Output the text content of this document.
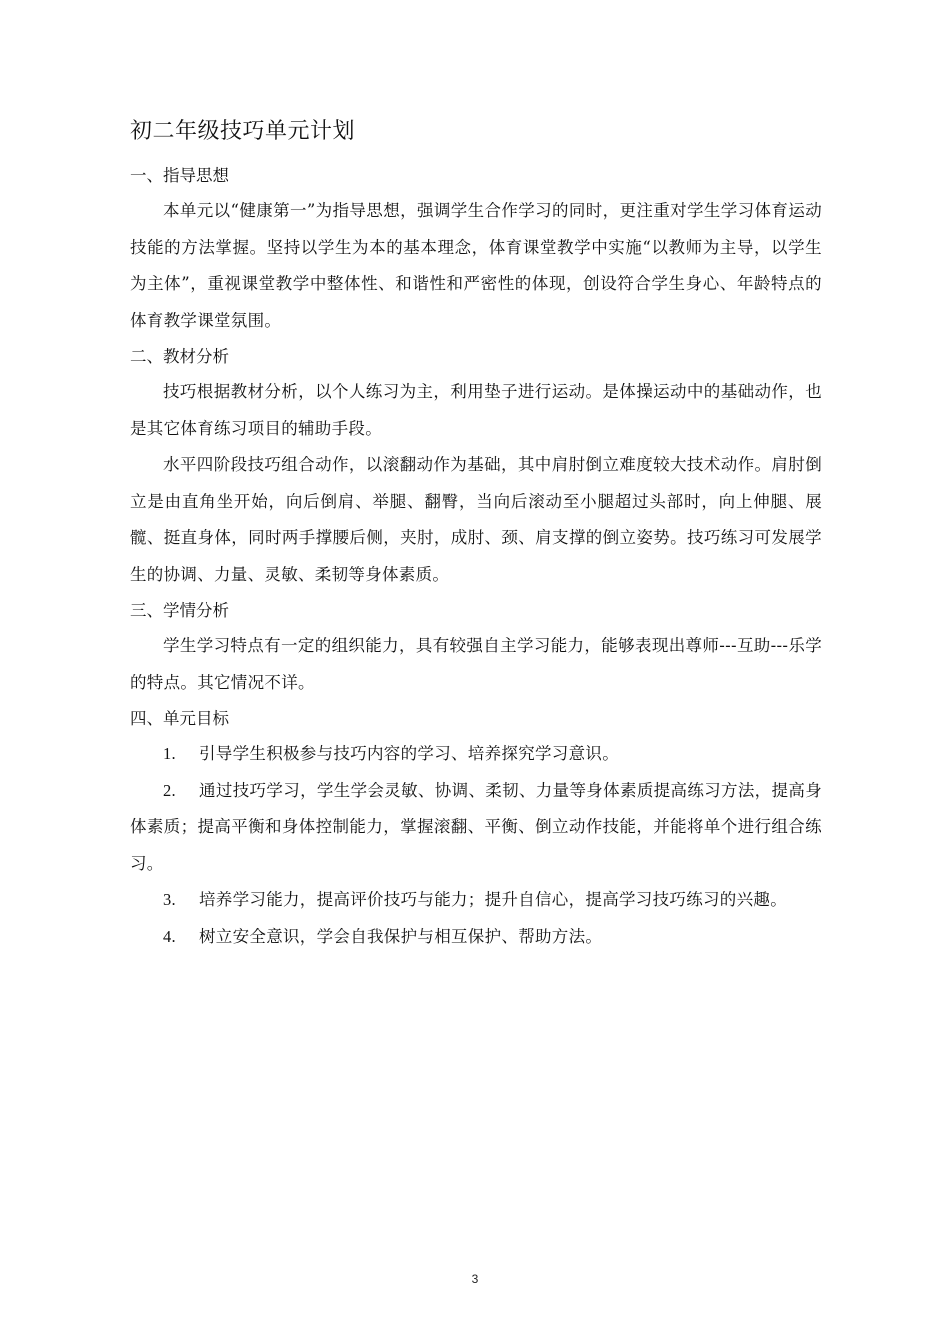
初二年级技巧单元计划

一、指导思想

本单元以“健康第一”为指导思想，强调学生合作学习的同时，更注重对学生学习体育运动技能的方法掌握。坚持以学生为本的基本理念，体育课堂教学中实施“以教师为主导，以学生为主体”，重视课堂教学中整体性、和谐性和严密性的体现，创设符合学生身心、年龄特点的体育教学课堂氛围。

二、教材分析

技巧根据教材分析，以个人练习为主，利用垫子进行运动。是体操运动中的基础动作，也是其它体育练习项目的辅助手段。

水平四阶段技巧组合动作，以滚翻动作为基础，其中肩肘倒立难度较大技术动作。肩肘倒立是由直角坐开始，向后倒肩、举腿、翻臀，当向后滚动至小腿超过头部时，向上伸腿、展髋、挺直身体，同时两手撑腰后侧，夹肘，成肘、颈、肩支撑的倒立姿势。技巧练习可发展学生的协调、力量、灵敏、柔韧等身体素质。

三、学情分析

学生学习特点有一定的组织能力，具有较强自主学习能力，能够表现出尊师---互助---乐学的特点。其它情况不详。

四、单元目标

1. 引导学生积极参与技巧内容的学习、培养探究学习意识。

2. 通过技巧学习，学生学会灵敏、协调、柔韧、力量等身体素质提高练习方法，提高身体素质；提高平衡和身体控制能力，掌握滚翻、平衡、倒立动作技能，并能将单个进行组合练习。

3. 培养学习能力，提高评价技巧与能力；提升自信心，提高学习技巧练习的兴趣。

4. 树立安全意识，学会自我保护与相互保护、帮助方法。

3
